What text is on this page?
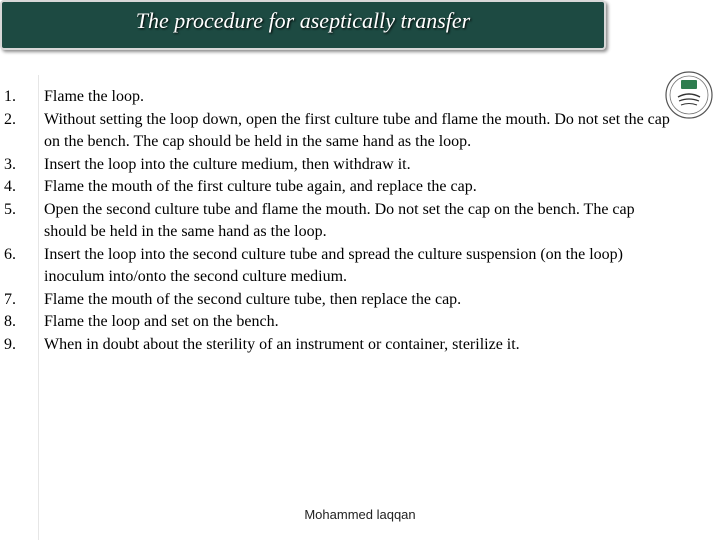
The procedure for aseptically transfer
1.	Flame the loop.
2.	Without setting the loop down, open the first culture tube and flame the mouth. Do not set the cap on the bench. The cap should be held in the same hand as the loop.
3.	Insert the loop into the culture medium, then withdraw it.
4.	Flame the mouth of the first culture tube again, and replace the cap.
5.	Open the second culture tube and flame the mouth. Do not set the cap on the bench. The cap should be held in the same hand as the loop.
6.	Insert the loop into the second culture tube and spread the culture suspension (on the loop) inoculum into/onto the second culture medium.
7.	Flame the mouth of the second culture tube, then replace the cap.
8.	Flame the loop and set on the bench.
9.	When in doubt about the sterility of an instrument or container, sterilize it.
Mohammed laqqan
